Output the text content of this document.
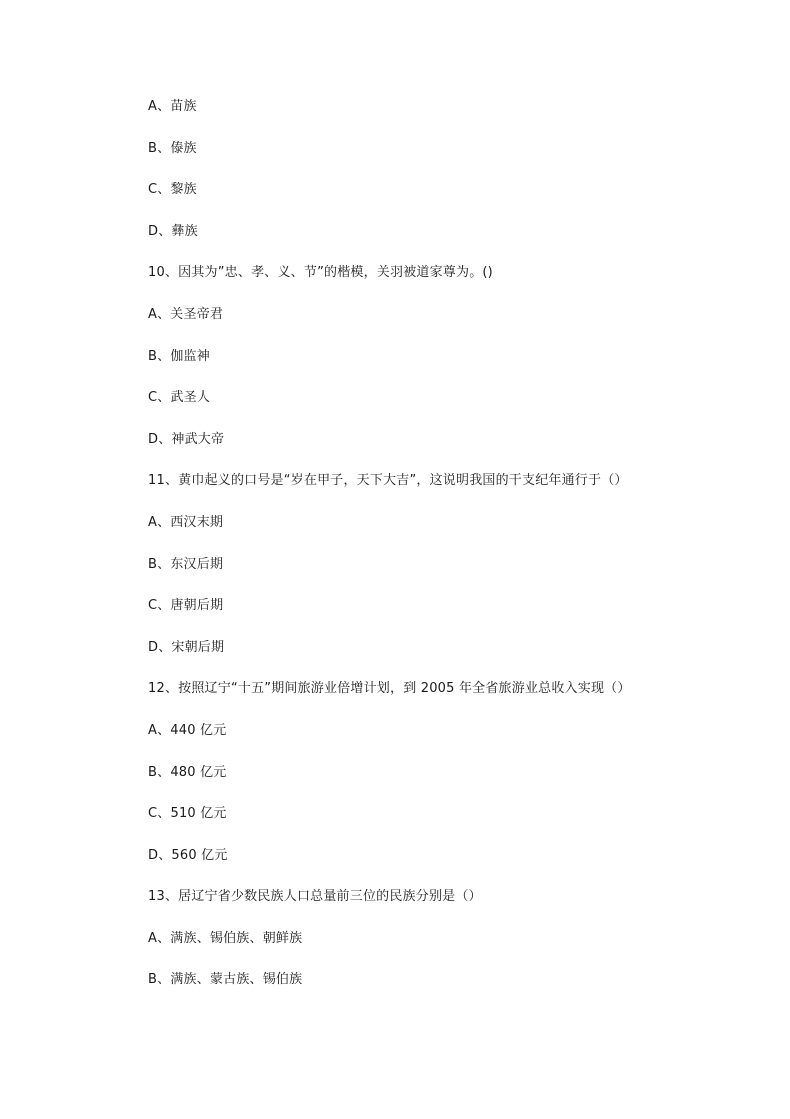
A、苗族
B、傣族
C、黎族
D、彝族
10、因其为”忠、孝、义、节”的楷模，关羽被道家尊为。()
A、关圣帝君
B、伽监神
C、武圣人
D、神武大帝
11、黄巾起义的口号是“岁在甲子，天下大吉”，这说明我国的干支纪年通行于（）
A、西汉末期
B、东汉后期
C、唐朝后期
D、宋朝后期
12、按照辽宁“十五”期间旅游业倍增计划，到 2005 年全省旅游业总收入实现（）
A、440 亿元
B、480 亿元
C、510 亿元
D、560 亿元
13、居辽宁省少数民族人口总量前三位的民族分别是（）
A、满族、锡伯族、朝鲜族
B、满族、蒙古族、锡伯族
